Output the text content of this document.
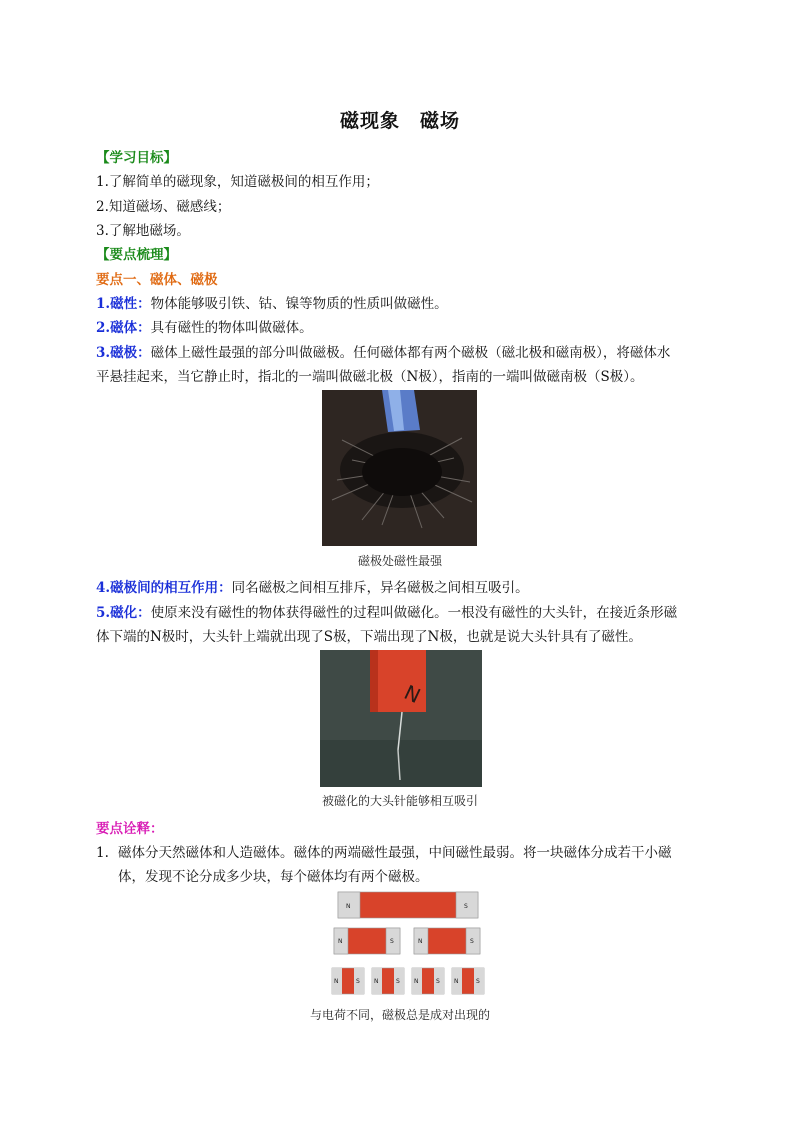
磁现象　磁场
【学习目标】
1.了解简单的磁现象，知道磁极间的相互作用；
2.知道磁场、磁感线；
3.了解地磁场。
【要点梳理】
要点一、磁体、磁极
1.磁性：物体能够吸引铁、钴、镍等物质的性质叫做磁性。
2.磁体：具有磁性的物体叫做磁体。
3.磁极：磁体上磁性最强的部分叫做磁极。任何磁体都有两个磁极（磁北极和磁南极），将磁体水
平悬挂起来，当它静止时，指北的一端叫做磁北极（N极），指南的一端叫做磁南极（S极）。
磁极处磁性最强
4.磁极间的相互作用：同名磁极之间相互排斥，异名磁极之间相互吸引。
5.磁化：使原来没有磁性的物体获得磁性的过程叫做磁化。一根没有磁性的大头针，在接近条形磁
体下端的N极时，大头针上端就出现了S极，下端出现了N极，也就是说大头针具有了磁性。
N
被磁化的大头针能够相互吸引
要点诠释：
1. 磁体分天然磁体和人造磁体。磁体的两端磁性最强，中间磁性最弱。将一块磁体分成若干小磁
体，发现不论分成多少块，每个磁体均有两个磁极。
N	S
N	S	N	S
N	S N	S N	S N	S
与电荷不同，磁极总是成对出现的
